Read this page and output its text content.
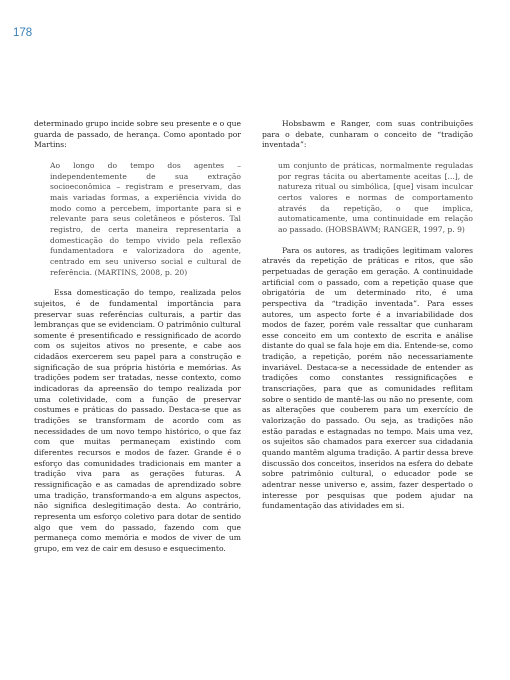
178

determinado grupo incide sobre seu presente e o que guarda de passado, de herança. Como apontado por Martins:

Ao longo do tempo dos agentes – independentemente de sua extração socioeconômica – registram e preservam, das mais variadas formas, a experiência vivida do modo como a percebem, importante para si e relevante para seus coletâneos e pósteros. Tal registro, de certa maneira representaria a domesticação do tempo vivido pela reflexão fundamentadora e valorizadora do agente, centrado em seu universo social e cultural de referência. (MARTINS, 2008, p. 20)

Essa domesticação do tempo, realizada pelos sujeitos, é de fundamental importância para preservar suas referências culturais, a partir das lembranças que se evidenciam. O patrimônio cultural somente é presentificado e ressignificado de acordo com os sujeitos ativos no presente, e cabe aos cidadãos exercerem seu papel para a construção e significação de sua própria história e memórias. As tradições podem ser tratadas, nesse contexto, como indicadoras da apreensão do tempo realizada por uma coletividade, com a função de preservar costumes e práticas do passado. Destaca-se que as tradições se transformam de acordo com as necessidades de um novo tempo histórico, o que faz com que muitas permaneçam existindo com diferentes recursos e modos de fazer. Grande é o esforço das comunidades tradicionais em manter a tradição viva para as gerações futuras. A ressignificação e as camadas de aprendizado sobre uma tradição, transformando-a em alguns aspectos, não significa deslegitimação desta. Ao contrário, representa um esforço coletivo para dotar de sentido algo que vem do passado, fazendo com que permaneça como memória e modos de viver de um grupo, em vez de cair em desuso e esquecimento.

Hobsbawm e Ranger, com suas contribuições para o debate, cunharam o conceito de “tradição inventada”:

um conjunto de práticas, normalmente reguladas por regras tácita ou abertamente aceitas [...], de natureza ritual ou simbólica, [que] visam inculcar certos valores e normas de comportamento através da repetição, o que implica, automaticamente, uma continuidade em relação ao passado. (HOBSBAWM; RANGER, 1997, p. 9)

Para os autores, as tradições legitimam valores através da repetição de práticas e ritos, que são perpetuadas de geração em geração. A continuidade artificial com o passado, com a repetição quase que obrigatória de um determinado rito, é uma perspectiva da “tradição inventada”. Para esses autores, um aspecto forte é a invariabilidade dos modos de fazer, porém vale ressaltar que cunharam esse conceito em um contexto de escrita e análise distante do qual se fala hoje em dia. Entende-se, como tradição, a repetição, porém não necessariamente invariável. Destaca-se a necessidade de entender as tradições como constantes ressignificações e transcriações, para que as comunidades reflitam sobre o sentido de mantê-las ou não no presente, com as alterações que couberem para um exercício de valorização do passado. Ou seja, as tradições não estão paradas e estagnadas no tempo. Mais uma vez, os sujeitos são chamados para exercer sua cidadania quando mantêm alguma tradição. A partir dessa breve discussão dos conceitos, inseridos na esfera do debate sobre patrimônio cultural, o educador pode se adentrar nesse universo e, assim, fazer despertado o interesse por pesquisas que podem ajudar na fundamentação das atividades em si.
